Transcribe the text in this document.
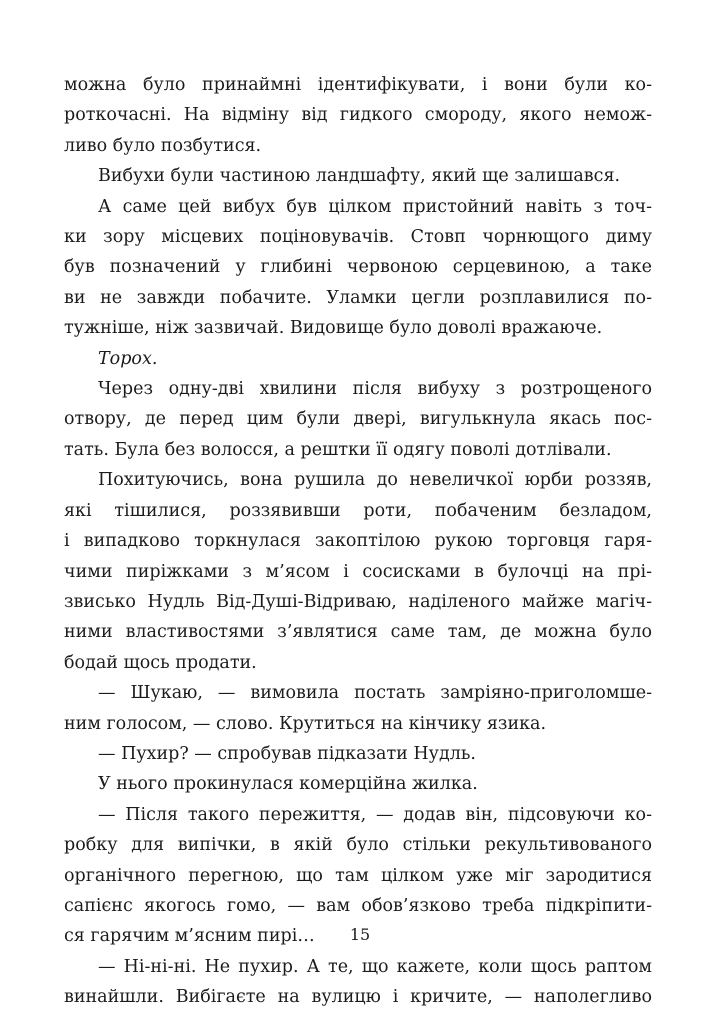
можна було принаймні ідентифікувати, і вони були ко-
роткочасні. На відміну від гидкого смороду, якого немож-
ливо було позбутися.
Вибухи були частиною ландшафту, який ще залишався.
А саме цей вибух був цілком пристойний навіть з точ-
ки зору місцевих поціновувачів. Стовп чорнющого диму
був позначений у глибині червоною серцевиною, а таке
ви не завжди побачите. Уламки цегли розплавилися по-
тужніше, ніж зазвичай. Видовище було доволі вражаюче.
Торох.
Через одну-дві хвилини після вибуху з розтрощеного
отвору, де перед цим були двері, вигулькнула якась пос-
тать. Була без волосся, а рештки її одягу поволі дотлівали.
Похитуючись, вона рушила до невеличкої юрби роззяв,
які тішилися, роззявивши роти, побаченим безладом,
і випадково торкнулася закоптілою рукою торговця гаря-
чими пиріжками з м’ясом і сосисками в булочці на прі-
звисько Нудль Від-Душі-Відриваю, наділеного майже магіч-
ними властивостями з’являтися саме там, де можна було
бодай щось продати.
— Шукаю, — вимовила постать замріяно-приголомше-
ним голосом, — слово. Крутиться на кінчику язика.
— Пухир? — спробував підказати Нудль.
У нього прокинулася комерційна жилка.
— Після такого пережиття, — додав він, підсовуючи ко-
робку для випічки, в якій було стільки рекультивованого
органічного перегною, що там цілком уже міг зародитися
сапієнс якогось гомо, — вам обов’язково треба підкріпити-
ся гарячим м’ясним пирі…
— Ні-ні-ні. Не пухир. А те, що кажете, коли щось раптом
винайшли. Вибігаєте на вулицю і кричите, — наполегливо
15
